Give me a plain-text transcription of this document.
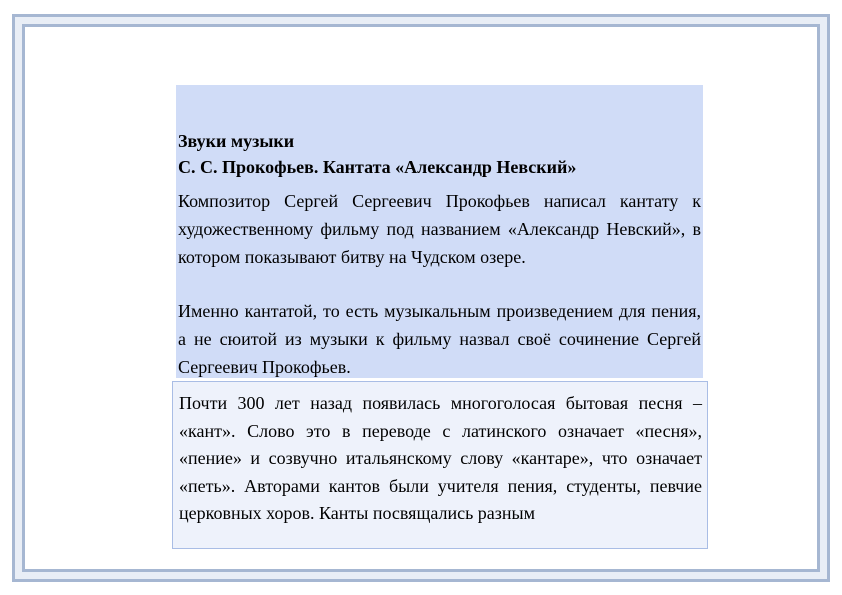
Звуки музыки
С. С. Прокофьев. Кантата «Александр Невский»

Композитор Сергей Сергеевич Прокофьев написал кантату к художественному фильму под названием «Александр Невский», в котором показывают битву на Чудском озере.

Именно кантатой, то есть музыкальным произведением для пения, а не сюитой из музыки к фильму назвал своё сочинение Сергей Сергеевич Прокофьев.

Почти 300 лет назад появилась многоголосая бытовая песня – «кант». Слово это в переводе с латинского означает «песня», «пение» и созвучно итальянскому слову «кантаре», что означает «петь». Авторами кантов были учителя пения, студенты, певчие церковных хоров. Канты посвящались разным
